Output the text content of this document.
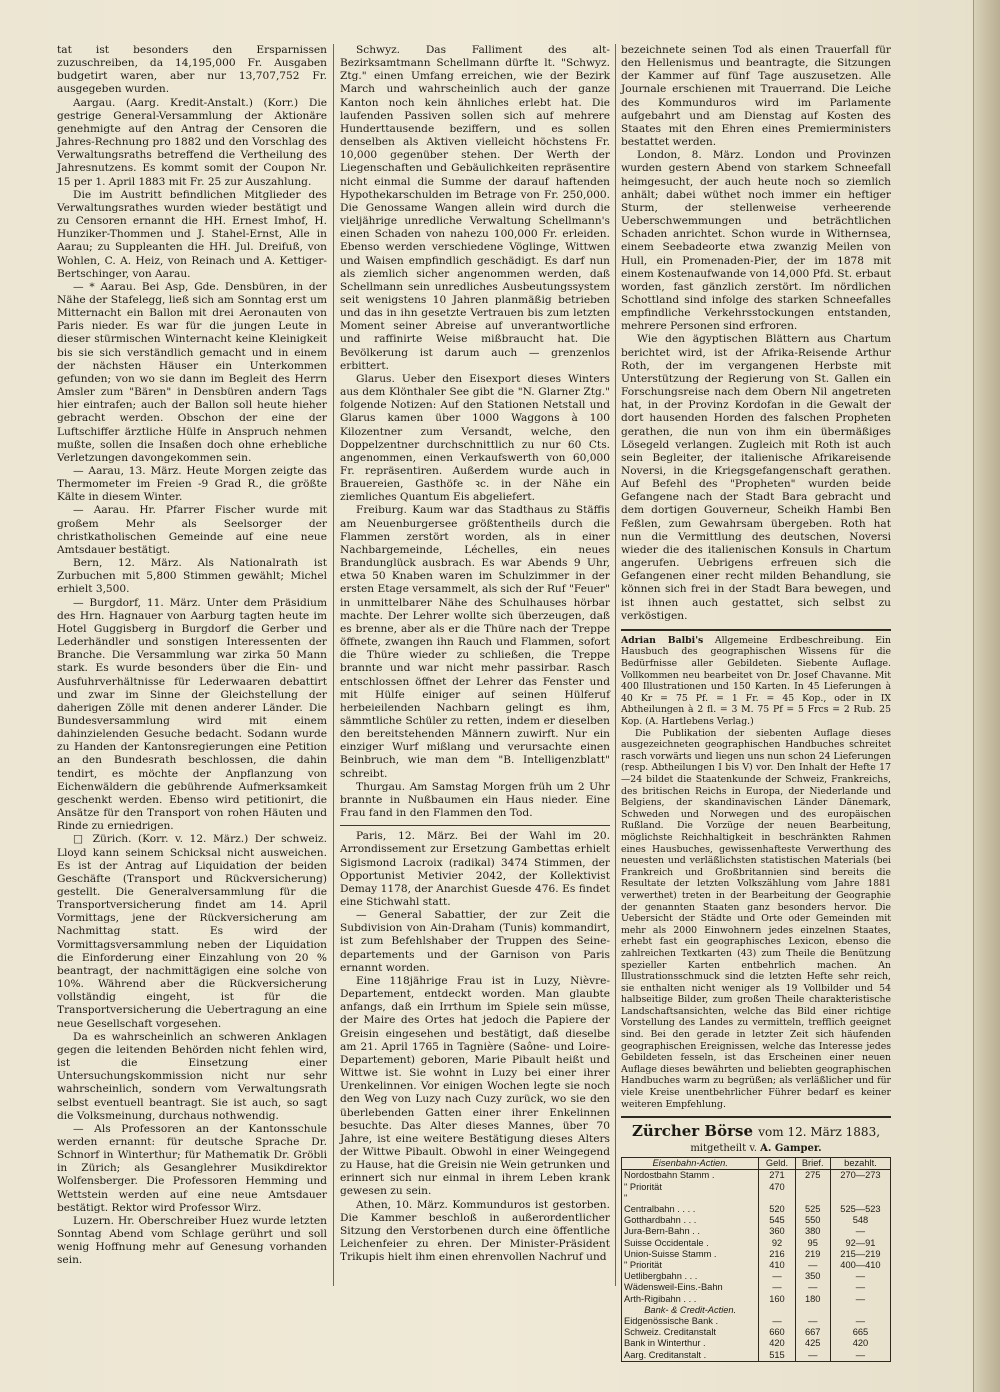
tat ist besonders den Ersparnissen zuzuschreiben, da 14,195,000 Fr. Ausgaben budgetirt waren, aber nur 13,707,752 Fr. ausgegeben wurden.

Aargau. (Aarg. Kredit-Anstalt.) (Korr.) Die gestrige General-Versammlung der Aktionäre genehmigte auf den Antrag der Censoren die Jahres-Rechnung pro 1882 und den Vorschlag des Verwaltungsraths betreffend die Vertheilung des Jahresnutzens. Es kommt somit der Coupon Nr. 15 per 1. April 1883 mit Fr. 25 zur Auszahlung.

Die im Austritt befindlichen Mitglieder des Verwaltungsrathes wurden wieder bestätigt und zu Censoren ernannt die HH. Ernest Imhof, H. Hunziker-Thommen und J. Stahel-Ernst, Alle in Aarau; zu Suppleanten die HH. Jul. Dreifuß, von Wohlen, C. A. Heiz, von Reinach und A. Kettiger-Bertschinger, von Aarau.

— * Aarau. Bei Asp, Gde. Densbüren, in der Nähe der Stafelegg, ließ sich am Sonntag erst um Mitternacht ein Ballon mit drei Aeronauten von Paris nieder. Es war für die jungen Leute in dieser stürmischen Winternacht keine Kleinigkeit bis sie sich verständlich gemacht und in einem der nächsten Häuser ein Unterkommen gefunden; von wo sie dann im Begleit des Herrn Amsler zum "Bären" in Densbüren andern Tags hier eintrafen; auch der Ballon soll heute hieher gebracht werden. Obschon der eine der Luftschiffer ärztliche Hülfe in Anspruch nehmen mußte, sollen die Insaßen doch ohne erhebliche Verletzungen davongekommen sein.

— Aarau, 13. März. Heute Morgen zeigte das Thermometer im Freien -9 Grad R., die größte Kälte in diesem Winter.

— Aarau. Hr. Pfarrer Fischer wurde mit großem Mehr als Seelsorger der christkatholischen Gemeinde auf eine neue Amtsdauer bestätigt.

Bern, 12. März. Als Nationalrath ist Zurbuchen mit 5,800 Stimmen gewählt; Michel erhielt 3,500.

— Burgdorf, 11. März. Unter dem Präsidium des Hrn. Hagnauer von Aarburg tagten heute im Hotel Guggisberg in Burgdorf die Gerber und Lederhändler und sonstigen Interessenten der Branche. Die Versammlung war zirka 50 Mann stark. Es wurde besonders über die Ein- und Ausfuhrverhältnisse für Lederwaaren debattirt und zwar im Sinne der Gleichstellung der daherigen Zölle mit denen anderer Länder. Die Bundesversammlung wird mit einem dahinzielenden Gesuche bedacht. Sodann wurde zu Handen der Kantonsregierungen eine Petition an den Bundesrath beschlossen, die dahin tendirt, es möchte der Anpflanzung von Eichenwäldern die gebührende Aufmerksamkeit geschenkt werden. Ebenso wird petitionirt, die Ansätze für den Transport von rohen Häuten und Rinde zu erniedrigen.

□ Zürich. (Korr. v. 12. März.) Der schweiz. Lloyd kann seinem Schicksal nicht ausweichen. Es ist der Antrag auf Liquidation der beiden Geschäfte (Transport und Rückversicherung) gestellt. Die Generalversammlung für die Transportversicherung findet am 14. April Vormittags, jene der Rückversicherung am Nachmittag statt. Es wird der Vormittagsversammlung neben der Liquidation die Einforderung einer Einzahlung von 20 % beantragt, der nachmittägigen eine solche von 10%. Während aber die Rückversicherung vollständig eingeht, ist für die Transportversicherung die Uebertragung an eine neue Gesellschaft vorgesehen.

Da es wahrscheinlich an schweren Anklagen gegen die leitenden Behörden nicht fehlen wird, ist die Einsetzung einer Untersuchungskommission nicht nur sehr wahrscheinlich, sondern vom Verwaltungsrath selbst eventuell beantragt. Sie ist auch, so sagt die Volksmeinung, durchaus nothwendig.

— Als Professoren an der Kantonsschule werden ernannt: für deutsche Sprache Dr. Schnorf in Winterthur; für Mathematik Dr. Gröbli in Zürich; als Gesanglehrer Musikdirektor Wolfensberger. Die Professoren Hemming und Wettstein werden auf eine neue Amtsdauer bestätigt. Rektor wird Professor Wirz.

Luzern. Hr. Oberschreiber Huez wurde letzten Sonntag Abend vom Schlage gerührt und soll wenig Hoffnung mehr auf Genesung vorhanden sein.

Schwyz. Das Falliment des alt-Bezirksamtmann Schellmann dürfte lt. "Schwyz. Ztg." einen Umfang erreichen, wie der Bezirk March und wahrscheinlich auch der ganze Kanton noch kein ähnliches erlebt hat. Die laufenden Passiven sollen sich auf mehrere Hunderttausende beziffern, und es sollen denselben als Aktiven vielleicht höchstens Fr. 10,000 gegenüber stehen. Der Werth der Liegenschaften und Gebäulichkeiten repräsentire nicht einmal die Summe der darauf haftenden Hypothekarschulden im Betrage von Fr. 250,000. Die Genossame Wangen allein wird durch die vieljährige unredliche Verwaltung Schellmann's einen Schaden von nahezu 100,000 Fr. erleiden. Ebenso werden verschiedene Vöglinge, Wittwen und Waisen empfindlich geschädigt. Es darf nun als ziemlich sicher angenommen werden, daß Schellmann sein unredliches Ausbeutungssystem seit wenigstens 10 Jahren planmäßig betrieben und das in ihn gesetzte Vertrauen bis zum letzten Moment seiner Abreise auf unverantwortliche und raffinirte Weise mißbraucht hat. Die Bevölkerung ist darum auch — grenzenlos erbittert.

Glarus. Ueber den Eisexport dieses Winters aus dem Klönthaler See gibt die "N. Glarner Ztg." folgende Notizen: Auf den Stationen Netstall und Glarus kamen über 1000 Waggons à 100 Kilozentner zum Versandt, welche, den Doppelzentner durchschnittlich zu nur 60 Cts. angenommen, einen Verkaufswerth von 60,000 Fr. repräsentiren. Außerdem wurde auch in Brauereien, Gasthöfe ꝛc. in der Nähe ein ziemliches Quantum Eis abgeliefert.

Freiburg. Kaum war das Stadthaus zu Stäffis am Neuenburgersee größtentheils durch die Flammen zerstört worden, als in einer Nachbargemeinde, Léchelles, ein neues Brandunglück ausbrach. Es war Abends 9 Uhr, etwa 50 Knaben waren im Schulzimmer in der ersten Etage versammelt, als sich der Ruf "Feuer" in unmittelbarer Nähe des Schulhauses hörbar machte. Der Lehrer wollte sich überzeugen, daß es brenne, aber als er die Thüre nach der Treppe öffnete, zwangen ihn Rauch und Flammen, sofort die Thüre wieder zu schließen, die Treppe brannte und war nicht mehr passirbar. Rasch entschlossen öffnet der Lehrer das Fenster und mit Hülfe einiger auf seinen Hülferuf herbeieilenden Nachbarn gelingt es ihm, sämmtliche Schüler zu retten, indem er dieselben den bereitstehenden Männern zuwirft. Nur ein einziger Wurf mißlang und verursachte einen Beinbruch, wie man dem "B. Intelligenzblatt" schreibt.

Thurgau. Am Samstag Morgen früh um 2 Uhr brannte in Nußbaumen ein Haus nieder. Eine Frau fand in den Flammen den Tod.

Paris, 12. März. Bei der Wahl im 20. Arrondissement zur Ersetzung Gambettas erhielt Sigismond Lacroix (radikal) 3474 Stimmen, der Opportunist Metivier 2042, der Kollektivist Demay 1178, der Anarchist Guesde 476. Es findet eine Stichwahl statt.

— General Sabattier, der zur Zeit die Subdivision von Ain-Draham (Tunis) kommandirt, ist zum Befehlshaber der Truppen des Seine-departements und der Garnison von Paris ernannt worden.

Eine 118jährige Frau ist in Luzy, Nièvre-Departement, entdeckt worden. Man glaubte anfangs, daß ein Irrthum im Spiele sein müsse, der Maire des Ortes hat jedoch die Papiere der Greisin eingesehen und bestätigt, daß dieselbe am 21. April 1765 in Tagnière (Saône- und Loire-Departement) geboren, Marie Pibault heißt und Wittwe ist. Sie wohnt in Luzy bei einer ihrer Urenkelinnen. Vor einigen Wochen legte sie noch den Weg von Luzy nach Cuzy zurück, wo sie den überlebenden Gatten einer ihrer Enkelinnen besuchte. Das Alter dieses Mannes, über 70 Jahre, ist eine weitere Bestätigung dieses Alters der Wittwe Pibault. Obwohl in einer Weingegend zu Hause, hat die Greisin nie Wein getrunken und erinnert sich nur einmal in ihrem Leben krank gewesen zu sein.

Athen, 10. März. Kommunduros ist gestorben. Die Kammer beschloß in außerordentlicher Sitzung den Verstorbenen durch eine öffentliche Leichenfeier zu ehren. Der Minister-Präsident Trikupis hielt ihm einen ehrenvollen Nachruf und

bezeichnete seinen Tod als einen Trauerfall für den Hellenismus und beantragte, die Sitzungen der Kammer auf fünf Tage auszusetzen. Alle Journale erschienen mit Trauerrand. Die Leiche des Kommunduros wird im Parlamente aufgebahrt und am Dienstag auf Kosten des Staates mit den Ehren eines Premierministers bestattet werden.

London, 8. März. London und Provinzen wurden gestern Abend von starkem Schneefall heimgesucht, der auch heute noch so ziemlich anhält; dabei wüthet noch immer ein heftiger Sturm, der stellenweise verheerende Ueberschwemmungen und beträchtlichen Schaden anrichtet. Schon wurde in Withernsea, einem Seebadeorte etwa zwanzig Meilen von Hull, ein Promenaden-Pier, der im 1878 mit einem Kostenaufwande von 14,000 Pfd. St. erbaut worden, fast gänzlich zerstört. Im nördlichen Schottland sind infolge des starken Schneefalles empfindliche Verkehrsstockungen entstanden, mehrere Personen sind erfroren.

Wie den ägyptischen Blättern aus Chartum berichtet wird, ist der Afrika-Reisende Arthur Roth, der im vergangenen Herbste mit Unterstützung der Regierung von St. Gallen ein Forschungsreise nach dem Obern Nil angetreten hat, in der Provinz Kordofan in die Gewalt der dort hausenden Horden des falschen Propheten gerathen, die nun von ihm ein übermäßiges Lösegeld verlangen. Zugleich mit Roth ist auch sein Begleiter, der italienische Afrikareisende Noversi, in die Kriegsgefangenschaft gerathen. Auf Befehl des "Propheten" wurden beide Gefangene nach der Stadt Bara gebracht und dem dortigen Gouverneur, Scheikh Hambi Ben Feßlen, zum Gewahrsam übergeben. Roth hat nun die Vermittlung des deutschen, Noversi wieder die des italienischen Konsuls in Chartum angerufen. Uebrigens erfreuen sich die Gefangenen einer recht milden Behandlung, sie können sich frei in der Stadt Bara bewegen, und ist ihnen auch gestattet, sich selbst zu verköstigen.

Adrian Balbi's Allgemeine Erdbeschreibung. Ein Hausbuch des geographischen Wissens für die Bedürfnisse aller Gebildeten. Siebente Auflage. Vollkommen neu bearbeitet von Dr. Josef Chavanne. Mit 400 Illustrationen und 150 Karten. In 45 Lieferungen à 40 Kr = 75 Pf. = 1 Fr. = 45 Kop., oder in IX Abtheilungen à 2 fl. = 3 M. 75 Pf = 5 Frcs = 2 Rub. 25 Kop. (A. Hartlebens Verlag.)

Die Publikation der siebenten Auflage dieses ausgezeichneten geographischen Handbuches schreitet rasch vorwärts und liegen uns nun schon 24 Lieferungen (resp. Abtheilungen I bis V) vor. Den Inhalt der Hefte 17—24 bildet die Staatenkunde der Schweiz, Frankreichs, des britischen Reichs in Europa, der Niederlande und Belgiens, der skandinavischen Länder Dänemark, Schweden und Norwegen und des europäischen Rußland. Die Vorzüge der neuen Bearbeitung, möglichste Reichhaltigkeit in beschränkten Rahmen eines Hausbuches, gewissenhafteste Verwerthung des neuesten und verläßlichsten statistischen Materials (bei Frankreich und Großbritannien sind bereits die Resultate der letzten Volkszählung vom Jahre 1881 verwerthet) treten in der Bearbeitung der Geographie der genannten Staaten ganz besonders hervor. Die Uebersicht der Städte und Orte oder Gemeinden mit mehr als 2000 Einwohnern jedes einzelnen Staates, erhebt fast ein geographisches Lexicon, ebenso die zahlreichen Textkarten (43) zum Theile die Benützung spezieller Karten entbehrlich machen. An Illustrationsschmuck sind die letzten Hefte sehr reich, sie enthalten nicht weniger als 19 Vollbilder und 54 halbseitige Bilder, zum großen Theile charakteristische Landschaftsansichten, welche das Bild einer richtige Vorstellung des Landes zu vermitteln, trefflich geeignet sind. Bei den gerade in letzter Zeit sich häufenden geographischen Ereignissen, welche das Interesse jedes Gebildeten fesseln, ist das Erscheinen einer neuen Auflage dieses bewährten und beliebten geographischen Handbuches warm zu begrüßen; als verläßlicher und für viele Kreise unentbehrlicher Führer bedarf es keiner weiteren Empfehlung.

Zürcher Börse vom 12. März 1883,
mitgetheilt v. A. Gamper.
Eisenbahn-Actien.	Geld.	Brief.	bezahlt.
Nordostbahn Stamm .	271	275	270—273
" Priorität	470		
"			
Centralbahn . . . .	520	525	525—523
Gotthardbahn . . .	545	550	548
Jura-Bern-Bahn . .	360	380	—
Suisse Occidentale .	92	95	92—91
Union-Suisse Stamm .	216	219	215—219
" Priorität	410	—	400—410
Uetlibergbahn . . .	—	350	—
Wädensweil-Eins.-Bahn	—	—	—
Arth-Rigibahn . . .	160	180	—
Bank- & Credit-Actien.			
Eidgenössische Bank .	—	—	—
Schweiz. Creditanstalt	660	667	665
Bank in Winterthur .	420	425	420
Aarg. Creditanstalt .	515	—	—
